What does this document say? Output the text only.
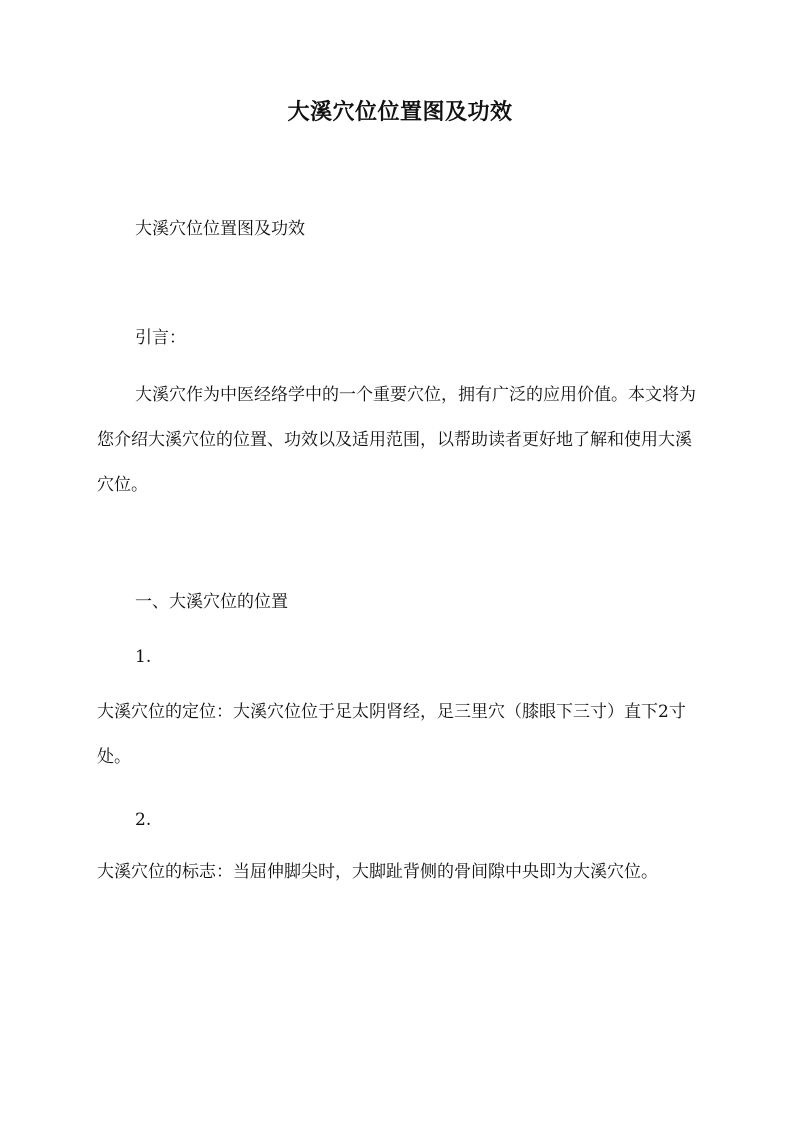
大溪穴位位置图及功效
大溪穴位位置图及功效
引言：
大溪穴作为中医经络学中的一个重要穴位，拥有广泛的应用价值。本文将为您介绍大溪穴位的位置、功效以及适用范围，以帮助读者更好地了解和使用大溪穴位。
一、大溪穴位的位置
1.
大溪穴位的定位：大溪穴位位于足太阴肾经，足三里穴（膝眼下三寸）直下2寸处。
2.
大溪穴位的标志：当屈伸脚尖时，大脚趾背侧的骨间隙中央即为大溪穴位。
